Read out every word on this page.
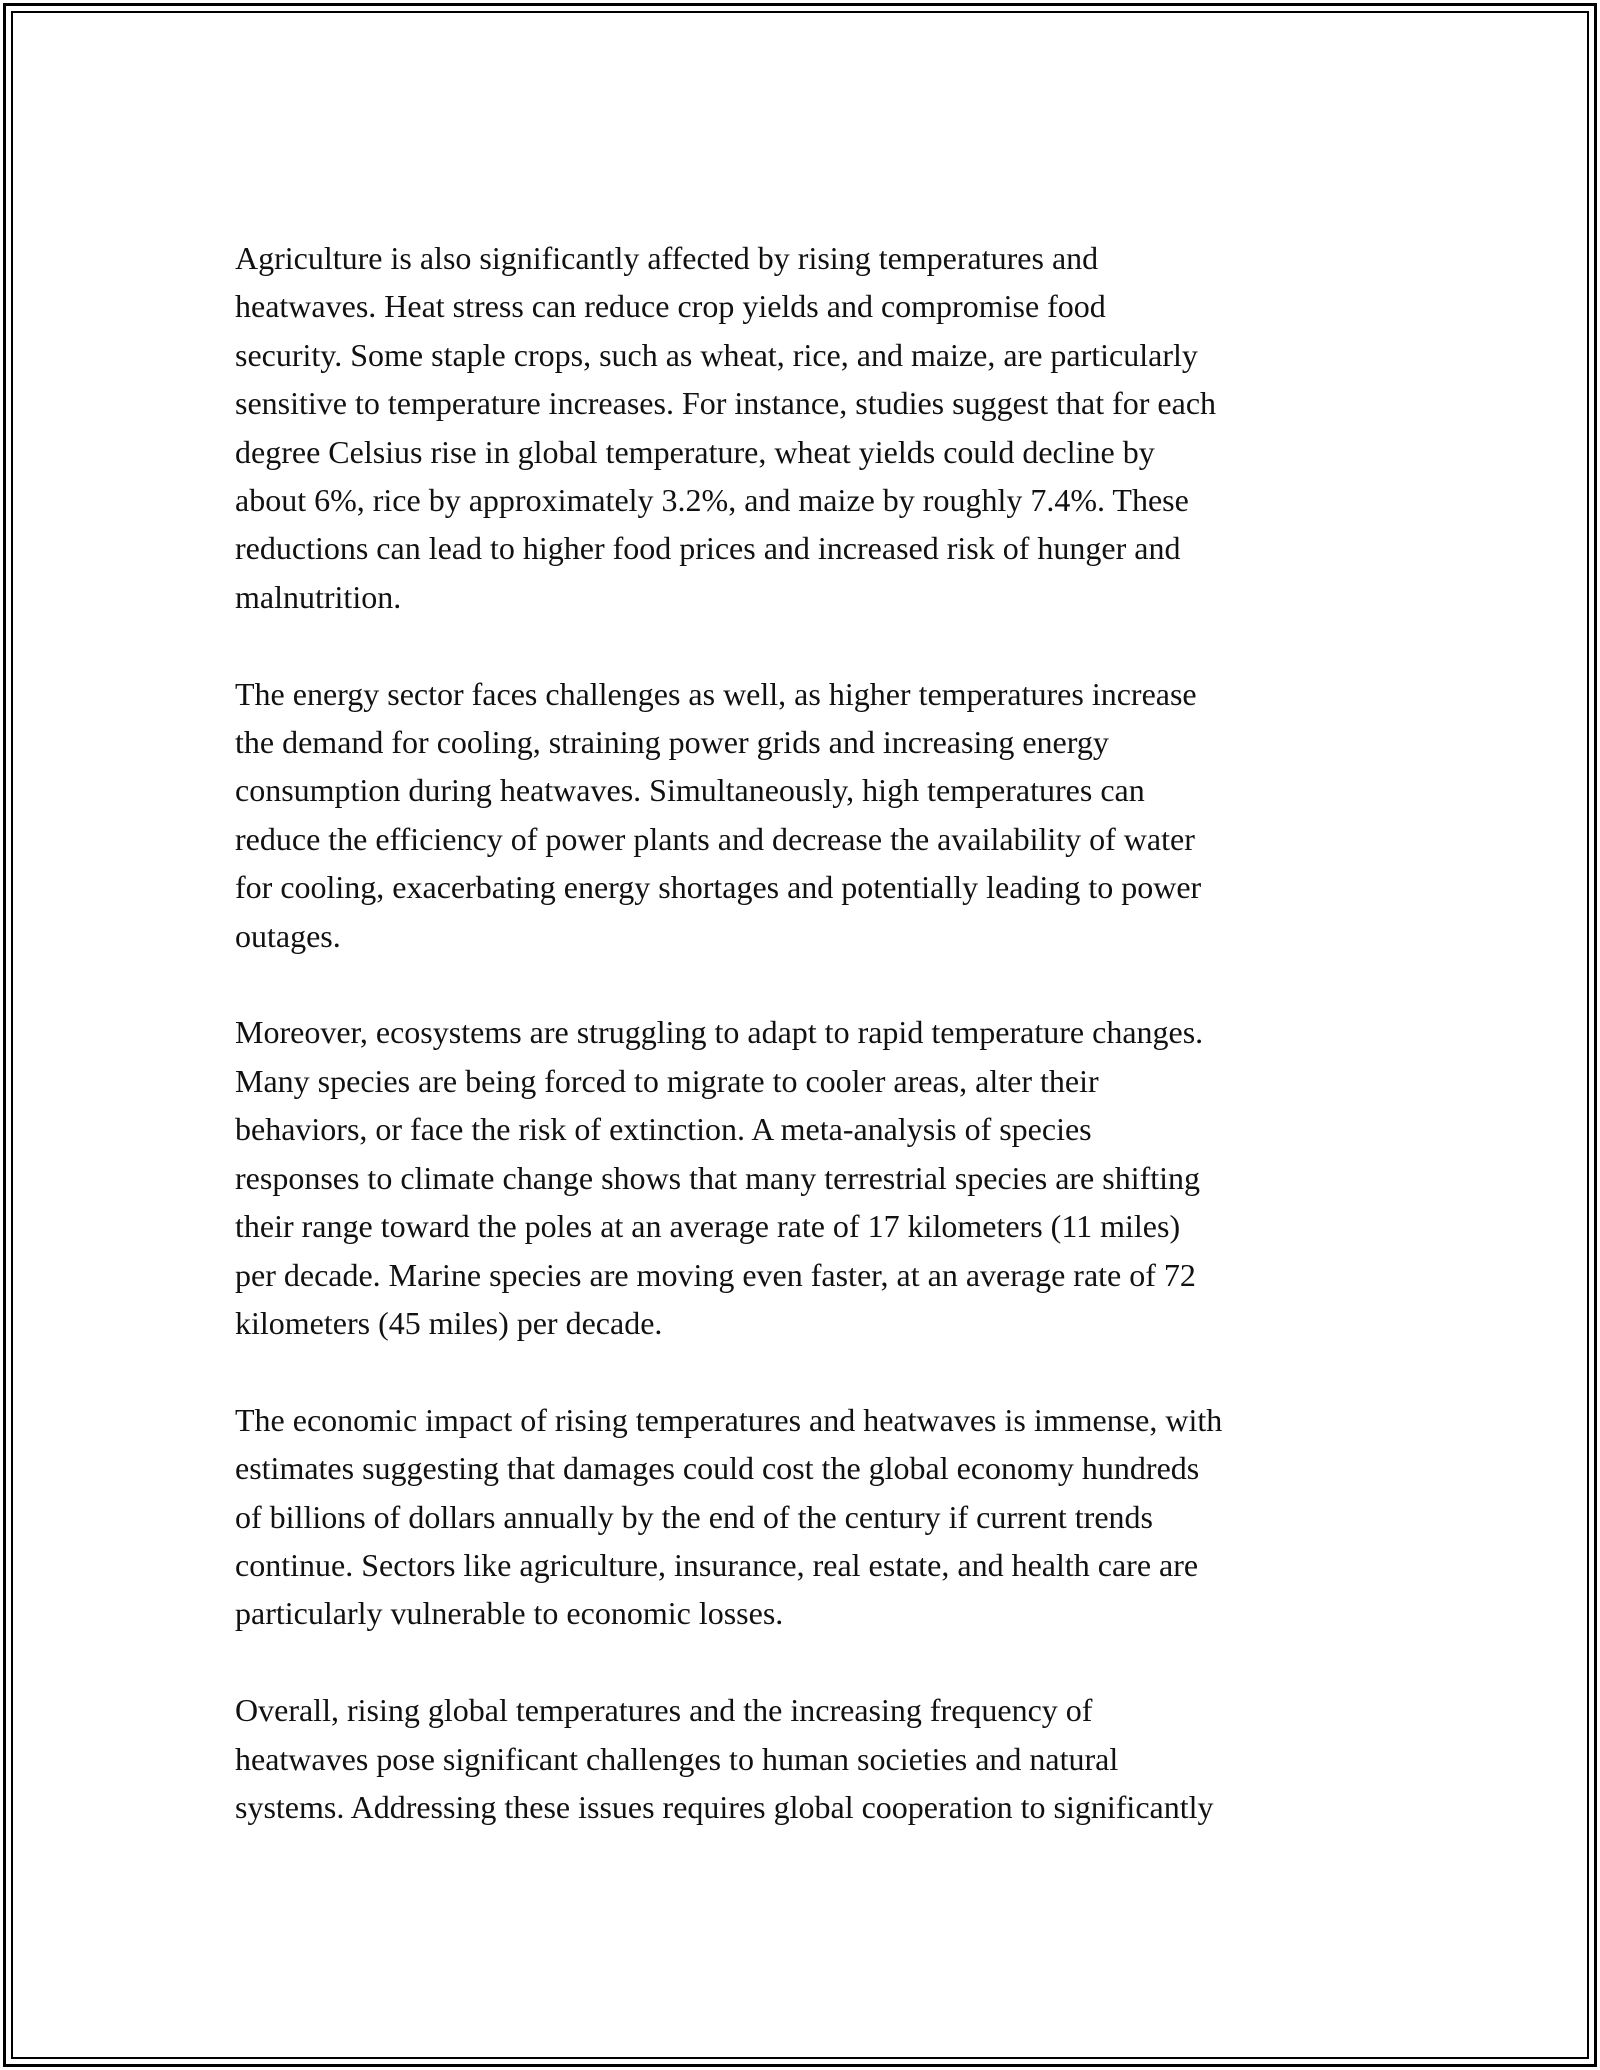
Agriculture is also significantly affected by rising temperatures and
heatwaves. Heat stress can reduce crop yields and compromise food
security. Some staple crops, such as wheat, rice, and maize, are particularly
sensitive to temperature increases. For instance, studies suggest that for each
degree Celsius rise in global temperature, wheat yields could decline by
about 6%, rice by approximately 3.2%, and maize by roughly 7.4%. These
reductions can lead to higher food prices and increased risk of hunger and
malnutrition.

The energy sector faces challenges as well, as higher temperatures increase
the demand for cooling, straining power grids and increasing energy
consumption during heatwaves. Simultaneously, high temperatures can
reduce the efficiency of power plants and decrease the availability of water
for cooling, exacerbating energy shortages and potentially leading to power
outages.

Moreover, ecosystems are struggling to adapt to rapid temperature changes.
Many species are being forced to migrate to cooler areas, alter their
behaviors, or face the risk of extinction. A meta-analysis of species
responses to climate change shows that many terrestrial species are shifting
their range toward the poles at an average rate of 17 kilometers (11 miles)
per decade. Marine species are moving even faster, at an average rate of 72
kilometers (45 miles) per decade.

The economic impact of rising temperatures and heatwaves is immense, with
estimates suggesting that damages could cost the global economy hundreds
of billions of dollars annually by the end of the century if current trends
continue. Sectors like agriculture, insurance, real estate, and health care are
particularly vulnerable to economic losses.

Overall, rising global temperatures and the increasing frequency of
heatwaves pose significant challenges to human societies and natural
systems. Addressing these issues requires global cooperation to significantly
